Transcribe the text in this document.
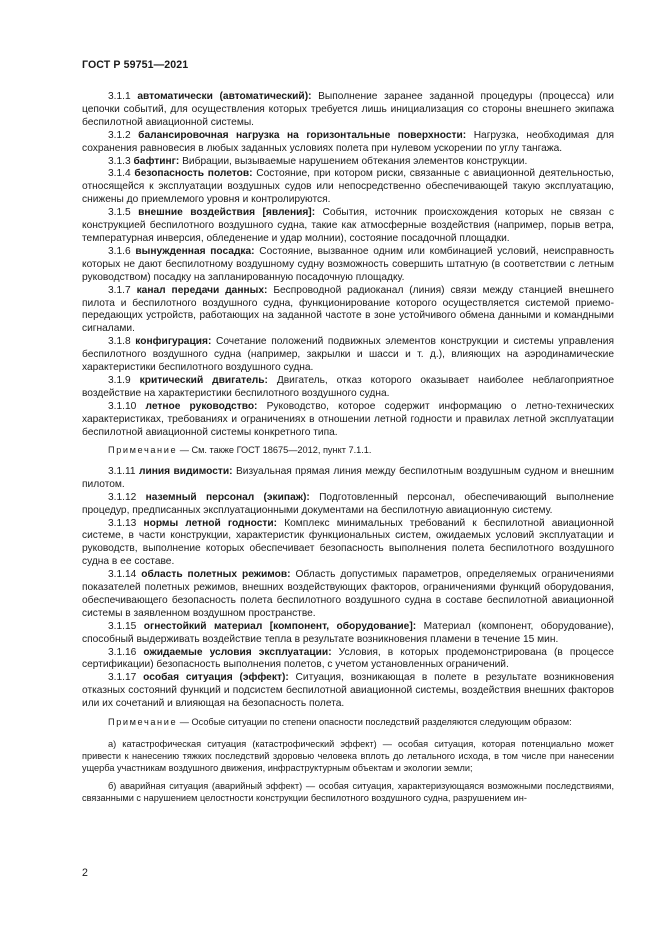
ГОСТ Р 59751—2021

3.1.1 автоматически (автоматический): Выполнение заранее заданной процедуры (процесса) или цепочки событий, для осуществления которых требуется лишь инициализация со стороны внешнего экипажа беспилотной авиационной системы.

3.1.2 балансировочная нагрузка на горизонтальные поверхности: Нагрузка, необходимая для сохранения равновесия в любых заданных условиях полета при нулевом ускорении по углу тангажа.

3.1.3 бафтинг: Вибрации, вызываемые нарушением обтекания элементов конструкции.

3.1.4 безопасность полетов: Состояние, при котором риски, связанные с авиационной деятельностью, относящейся к эксплуатации воздушных судов или непосредственно обеспечивающей такую эксплуатацию, снижены до приемлемого уровня и контролируются.

3.1.5 внешние воздействия [явления]: События, источник происхождения которых не связан с конструкцией беспилотного воздушного судна, такие как атмосферные воздействия (например, порыв ветра, температурная инверсия, обледенение и удар молнии), состояние посадочной площадки.

3.1.6 вынужденная посадка: Состояние, вызванное одним или комбинацией условий, неисправность которых не дают беспилотному воздушному судну возможность совершить штатную (в соответствии с летным руководством) посадку на запланированную посадочную площадку.

3.1.7 канал передачи данных: Беспроводной радиоканал (линия) связи между станцией внешнего пилота и беспилотного воздушного судна, функционирование которого осуществляется системой приемо-передающих устройств, работающих на заданной частоте в зоне устойчивого обмена данными и командными сигналами.

3.1.8 конфигурация: Сочетание положений подвижных элементов конструкции и системы управления беспилотного воздушного судна (например, закрылки и шасси и т. д.), влияющих на аэродинамические характеристики беспилотного воздушного судна.

3.1.9 критический двигатель: Двигатель, отказ которого оказывает наиболее неблагоприятное воздействие на характеристики беспилотного воздушного судна.

3.1.10 летное руководство: Руководство, которое содержит информацию о летно-технических характеристиках, требованиях и ограничениях в отношении летной годности и правилах летной эксплуатации беспилотной авиационной системы конкретного типа.

Примечание — См. также ГОСТ 18675—2012, пункт 7.1.1.

3.1.11 линия видимости: Визуальная прямая линия между беспилотным воздушным судном и внешним пилотом.

3.1.12 наземный персонал (экипаж): Подготовленный персонал, обеспечивающий выполнение процедур, предписанных эксплуатационными документами на беспилотную авиационную систему.

3.1.13 нормы летной годности: Комплекс минимальных требований к беспилотной авиационной системе, в части конструкции, характеристик функциональных систем, ожидаемых условий эксплуатации и руководств, выполнение которых обеспечивает безопасность выполнения полета беспилотного воздушного судна в ее составе.

3.1.14 область полетных режимов: Область допустимых параметров, определяемых ограничениями показателей полетных режимов, внешних воздействующих факторов, ограничениями функций оборудования, обеспечивающего безопасность полета беспилотного воздушного судна в составе беспилотной авиационной системы в заявленном воздушном пространстве.

3.1.15 огнестойкий материал [компонент, оборудование]: Материал (компонент, оборудование), способный выдерживать воздействие тепла в результате возникновения пламени в течение 15 мин.

3.1.16 ожидаемые условия эксплуатации: Условия, в которых продемонстрирована (в процессе сертификации) безопасность выполнения полетов, с учетом установленных ограничений.

3.1.17 особая ситуация (эффект): Ситуация, возникающая в полете в результате возникновения отказных состояний функций и подсистем беспилотной авиационной системы, воздействия внешних факторов или их сочетаний и влияющая на безопасность полета.

Примечание — Особые ситуации по степени опасности последствий разделяются следующим образом:

а) катастрофическая ситуация (катастрофический эффект) — особая ситуация, которая потенциально может привести к нанесению тяжких последствий здоровью человека вплоть до летального исхода, в том числе при нанесении ущерба участникам воздушного движения, инфраструктурным объектам и экологии земли;

б) аварийная ситуация (аварийный эффект) — особая ситуация, характеризующаяся возможными последствиями, связанными с нарушением целостности конструкции беспилотного воздушного судна, разрушением ин-

2
